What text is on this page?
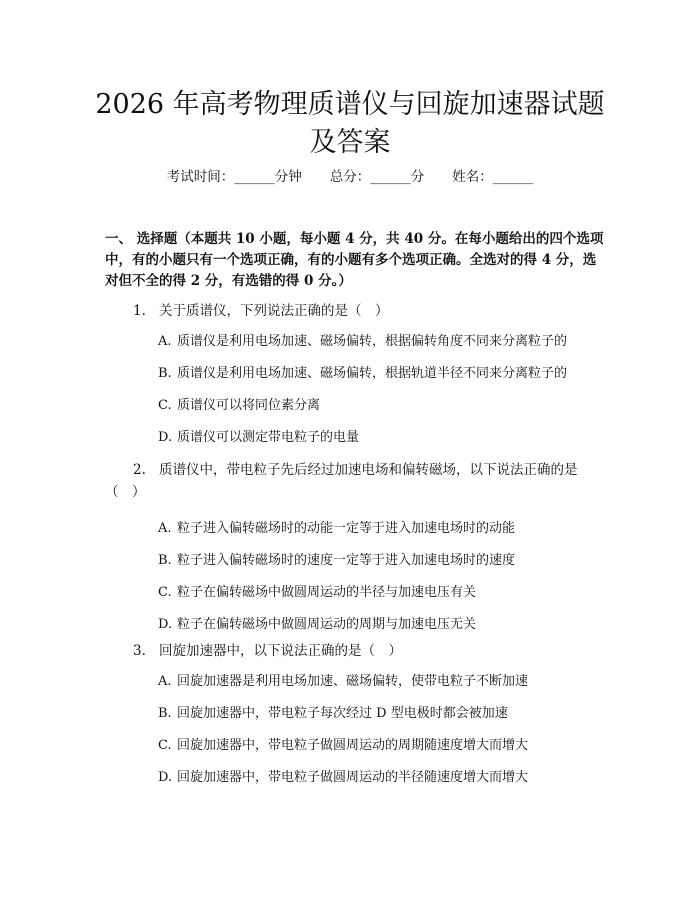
2026 年高考物理质谱仪与回旋加速器试题及答案
考试时间：______分钟 总分：______分 姓名：______

一、 选择题（本题共 10 小题，每小题 4 分，共 40 分。在每小题给出的四个选项中，有的小题只有一个选项正确，有的小题有多个选项正确。全选对的得 4 分，选对但不全的得 2 分，有选错的得 0 分。）

1. 关于质谱仪，下列说法正确的是（　）

A. 质谱仪是利用电场加速、磁场偏转，根据偏转角度不同来分离粒子的
B. 质谱仪是利用电场加速、磁场偏转，根据轨道半径不同来分离粒子的
C. 质谱仪可以将同位素分离
D. 质谱仪可以测定带电粒子的电量

2. 质谱仪中，带电粒子先后经过加速电场和偏转磁场，以下说法正确的是（　）

A. 粒子进入偏转磁场时的动能一定等于进入加速电场时的动能
B. 粒子进入偏转磁场时的速度一定等于进入加速电场时的速度
C. 粒子在偏转磁场中做圆周运动的半径与加速电压有关
D. 粒子在偏转磁场中做圆周运动的周期与加速电压无关

3. 回旋加速器中，以下说法正确的是（　）

A. 回旋加速器是利用电场加速、磁场偏转，使带电粒子不断加速
B. 回旋加速器中，带电粒子每次经过 D 型电极时都会被加速
C. 回旋加速器中，带电粒子做圆周运动的周期随速度增大而增大
D. 回旋加速器中，带电粒子做圆周运动的半径随速度增大而增大
